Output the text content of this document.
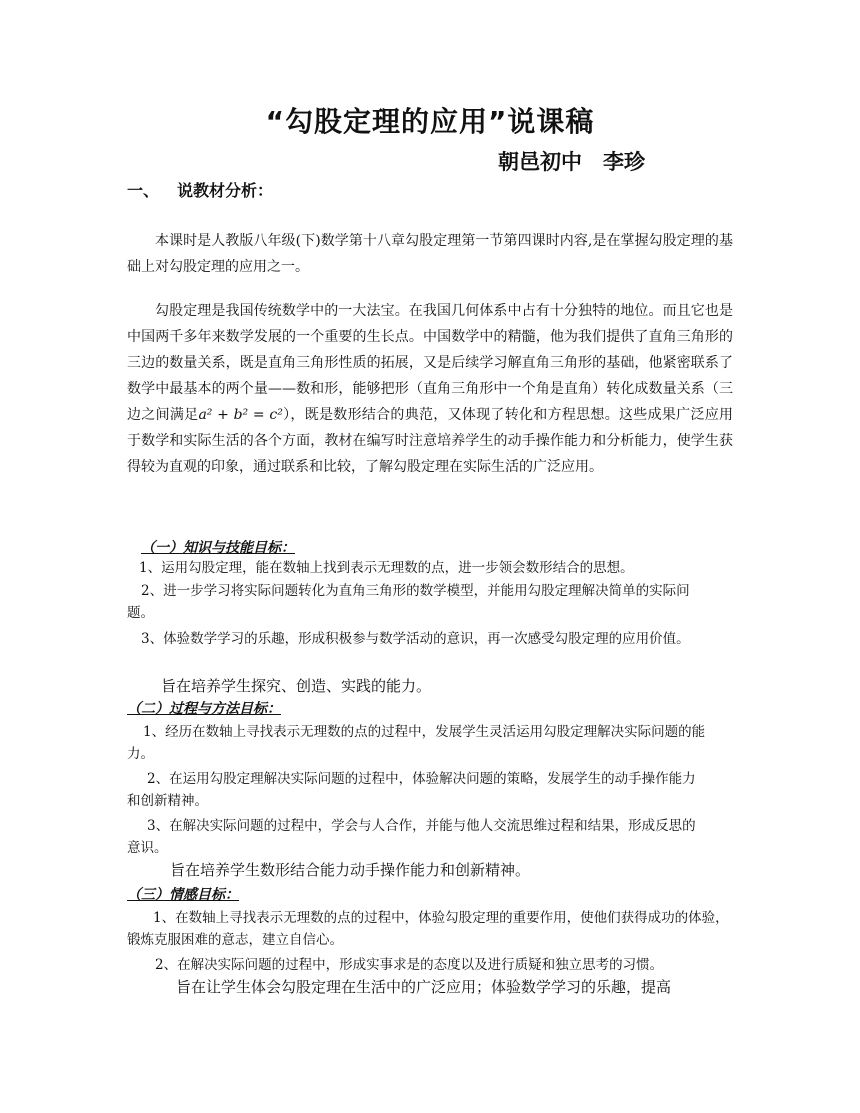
“勾股定理的应用”说课稿
朝邑初中　李珍
一、 说教材分析：
本课时是人教版八年级(下)数学第十八章勾股定理第一节第四课时内容,是在掌握勾股定理的基础上对勾股定理的应用之一。
勾股定理是我国传统数学中的一大法宝。在我国几何体系中占有十分独特的地位。而且它也是中国两千多年来数学发展的一个重要的生长点。中国数学中的精髓，他为我们提供了直角三角形的三边的数量关系，既是直角三角形性质的拓展，又是后续学习解直角三角形的基础，他紧密联系了数学中最基本的两个量——数和形，能够把形（直角三角形中一个角是直角）转化成数量关系（三边之间满足a² + b² = c²），既是数形结合的典范，又体现了转化和方程思想。这些成果广泛应用于数学和实际生活的各个方面，教材在编写时注意培养学生的动手操作能力和分析能力，使学生获得较为直观的印象，通过联系和比较，了解勾股定理在实际生活的广泛应用。
（一）知识与技能目标：
1、运用勾股定理，能在数轴上找到表示无理数的点，进一步领会数形结合的思想。
2、进一步学习将实际问题转化为直角三角形的数学模型，并能用勾股定理解决简单的实际问题。
3、体验数学学习的乐趣，形成积极参与数学活动的意识，再一次感受勾股定理的应用价值。
旨在培养学生探究、创造、实践的能力。
（二）过程与方法目标：
1、经历在数轴上寻找表示无理数的点的过程中，发展学生灵活运用勾股定理解决实际问题的能力。
2、在运用勾股定理解决实际问题的过程中，体验解决问题的策略，发展学生的动手操作能力和创新精神。
3、在解决实际问题的过程中，学会与人合作，并能与他人交流思维过程和结果，形成反思的意识。
旨在培养学生数形结合能力动手操作能力和创新精神。
（三）情感目标：
1、在数轴上寻找表示无理数的点的过程中，体验勾股定理的重要作用，使他们获得成功的体验，锻炼克服困难的意志，建立自信心。
2、在解决实际问题的过程中，形成实事求是的态度以及进行质疑和独立思考的习惯。
旨在让学生体会勾股定理在生活中的广泛应用；体验数学学习的乐趣，提高
